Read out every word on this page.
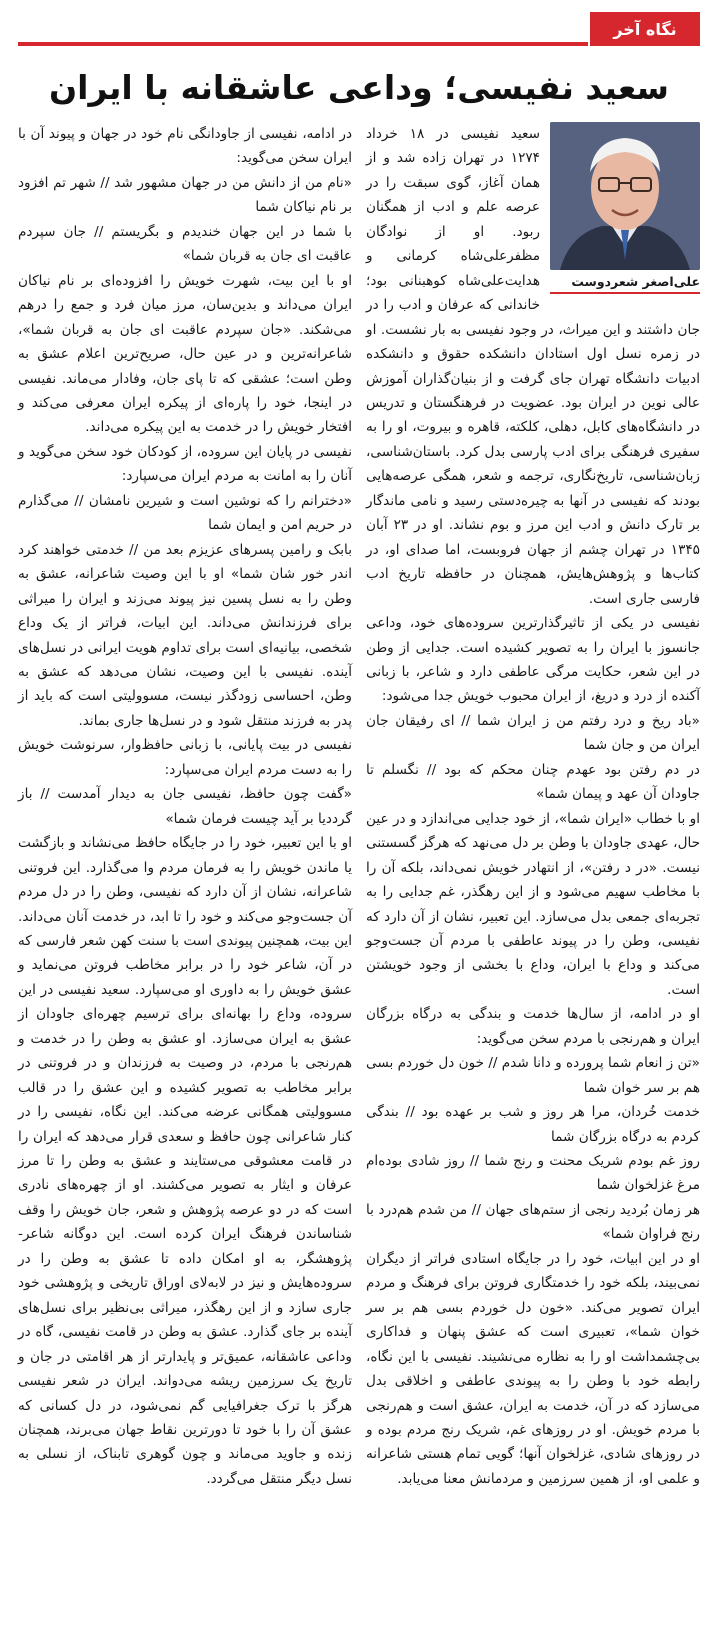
نگاه آخر
سعید نفیسی؛ وداعی عاشقانه با ایران
علی‌اصغر شعردوست

سعید نفیسی در ۱۸ خرداد ۱۲۷۴ در تهران زاده شد و از همان آغاز، گوی سبقت را در عرصه علم و ادب از همگنان ربود. او از نوادگان مظفرعلی‌شاه کرمانی و هدایت‌علی‌شاه کوهبنانی بود؛ خاندانی که عرفان و ادب را در جان داشتند و این میراث، در وجود نفیسی به بار نشست. او در زمره نسل اول استادان دانشکده حقوق و دانشکده ادبیات دانشگاه تهران جای گرفت و از بنیان‌گذاران آموزش عالی نوین در ایران بود. عضویت در فرهنگستان و تدریس در دانشگاه‌های کابل، دهلی، کلکته، قاهره و بیروت، او را به سفیری فرهنگی برای ادب پارسی بدل کرد. باستان‌شناسی، زبان‌شناسی، تاریخ‌نگاری، ترجمه و شعر، همگی عرصه‌هایی بودند که نفیسی در آنها به چیره‌دستی رسید و نامی ماندگار بر تارک دانش و ادب این مرز و بوم نشاند. او در ۲۳ آبان ۱۳۴۵ در تهران چشم از جهان فروبست، اما صدای او، در کتاب‌ها و پژوهش‌هایش، همچنان در حافظه تاریخ ادب فارسی جاری است.

نفیسی در یکی از تاثیرگذارترین سروده‌های خود، وداعی جانسوز با ایران را به تصویر کشیده است. جدایی از وطن در این شعر، حکایت مرگی عاطفی دارد و شاعر، با زبانی آکنده از درد و دریغ، از ایران محبوب خویش جدا می‌شود:

«باد ریخ و درد رفتم من ز ایران شما // ای رفیقان جان ایران من و جان شما

در دم رفتن بود عهدم چنان محکم که بود // نگسلم تا جاودان آن عهد و پیمان شما»

او با خطاب «ایران شما»، از خود جدایی می‌اندازد و در عین حال، عهدی جاودان با وطن بر دل می‌نهد که هرگز گسستنی نیست. «در د رفتن»، از انتهادر خویش نمی‌داند، بلکه آن را با مخاطب سهیم می‌شود و از این رهگذر، غم جدایی را به تجربه‌ای جمعی بدل می‌سازد. این تعبیر، نشان از آن دارد که نفیسی، وطن را در پیوند عاطفی با مردم آن جست‌وجو می‌کند و وداع با ایران، وداع با بخشی از وجود خویشتن است.

او در ادامه، از سال‌ها خدمت و بندگی به درگاه بزرگان ایران و هم‌رنجی با مردم سخن می‌گوید:

«تن ز انعام شما پرورده و دانا شدم // خون دل خوردم بسی هم بر سر خوان شما

خدمت خُردان، مرا هر روز و شب بر عهده بود // بندگی کردم به درگاه بزرگان شما

روز غم بودم شریک محنت و رنج شما // روز شادی بوده‌ام مرغ غزلخوان شما

هر زمان بُردید رنجی از ستم‌های جهان // من شدم هم‌درد با رنج فراوان شما»

او در این ابیات، خود را در جایگاه استادی فراتر از دیگران نمی‌بیند، بلکه خود را خدمتگاری فروتن برای فرهنگ و مردم ایران تصویر می‌کند. «خون دل خوردم بسی هم بر سر خوان شما»، تعبیری است که عشق پنهان و فداکاری بی‌چشمداشت او را به نظاره می‌نشیند. نفیسی با این نگاه، رابطه خود با وطن را به پیوندی عاطفی و اخلاقی بدل می‌سازد که در آن، خدمت به ایران، عشق است و هم‌رنجی با مردم خویش. او در روزهای غم، شریک رنج مردم بوده و در روزهای شادی، غزلخوان آنها؛ گویی تمام هستی شاعرانه و علمی او، از همین سرزمین و مردمانش معنا می‌یابد.

در ادامه، نفیسی از جاودانگی نام خود در جهان و پیوند آن با ایران سخن می‌گوید:

«نام من از دانش من در جهان مشهور شد // شهر تم افزود بر نام نیاکان شما

با شما در این جهان خندیدم و بگریستم // جان سپردم عاقبت ای جان به قربان شما»

او با این بیت، شهرت خویش را افزوده‌ای بر نام نیاکان ایران می‌داند و بدین‌سان، مرز میان فرد و جمع را درهم می‌شکند. «جان سپردم عاقبت ای جان به قربان شما»، شاعرانه‌ترین و در عین حال، صریح‌ترین اعلام عشق به وطن است؛ عشقی که تا پای جان، وفادار می‌ماند. نفیسی در اینجا، خود را پاره‌ای از پیکره ایران معرفی می‌کند و افتخار خویش را در خدمت به این پیکره می‌داند.

نفیسی در پایان این سروده، از کودکان خود سخن می‌گوید و آنان را به امانت به مردم ایران می‌سپارد:

«دخترانم را که نوشین است و شیرین نامشان // می‌گذارم در حریم امن و ایمان شما

بابک و رامین پسرهای عزیزم بعد من // خدمتی خواهند کرد اندر خور شان شما» او با این وصیت شاعرانه، عشق به وطن را به نسل پسین نیز پیوند می‌زند و ایران را میراثی برای فرزندانش می‌داند. این ابیات، فراتر از یک وداع شخصی، بیانیه‌ای است برای تداوم هویت ایرانی در نسل‌های آینده. نفیسی با این وصیت، نشان می‌دهد که عشق به وطن، احساسی زودگذر نیست، مسوولیتی است که باید از پدر به فرزند منتقل شود و در نسل‌ها جاری بماند.

نفیسی در بیت پایانی، با زبانی حافظ‌وار، سرنوشت خویش را به دست مردم ایران می‌سپارد:

«گفت چون حافظ، نفیسی جان به دیدار آمدست // باز گرددیا بر آید چیست فرمان شما»

او با این تعبیر، خود را در جایگاه حافظ می‌نشاند و بازگشت یا ماندن خویش را به فرمان مردم وا می‌گذارد. این فروتنی شاعرانه، نشان از آن دارد که نفیسی، وطن را در دل مردم آن جست‌وجو می‌کند و خود را تا ابد، در خدمت آنان می‌داند. این بیت، همچنین پیوندی است با سنت کهن شعر فارسی که در آن، شاعر خود را در برابر مخاطب فروتن می‌نماید و عشق خویش را به داوری او می‌سپارد. سعید نفیسی در این سروده، وداع را بهانه‌ای برای ترسیم چهره‌ای جاودان از عشق به ایران می‌سازد. او عشق به وطن را در خدمت و هم‌رنجی با مردم، در وصیت به فرزندان و در فروتنی در برابر مخاطب به تصویر کشیده و این عشق را در قالب مسوولیتی همگانی عرضه می‌کند. این نگاه، نفیسی را در کنار شاعرانی چون حافظ و سعدی قرار می‌دهد که ایران را در قامت معشوقی می‌ستایند و عشق به وطن را تا مرز عرفان و ایثار به تصویر می‌کشند. او از چهره‌های نادری است که در دو عرصه پژوهش و شعر، جان خویش را وقف شناساندن فرهنگ ایران کرده است. این دوگانه شاعر-پژوهشگر، به او امکان داده تا عشق به وطن را در سروده‌هایش و نیز در لابه‌لای اوراق تاریخی و پژوهشی خود جاری سازد و از این رهگذر، میراثی بی‌نظیر برای نسل‌های آینده بر جای گذارد. عشق به وطن در قامت نفیسی، گاه در وداعی عاشقانه، عمیق‌تر و پایدارتر از هر اقامتی در جان و تاریخ یک سرزمین ریشه می‌دواند. ایران در شعر نفیسی هرگز با ترک جغرافیایی گم نمی‌شود، در دل کسانی که عشق آن را با خود تا دورترین نقاط جهان می‌برند، همچنان زنده و جاوید می‌ماند و چون گوهری تابناک، از نسلی به نسل دیگر منتقل می‌گردد.
